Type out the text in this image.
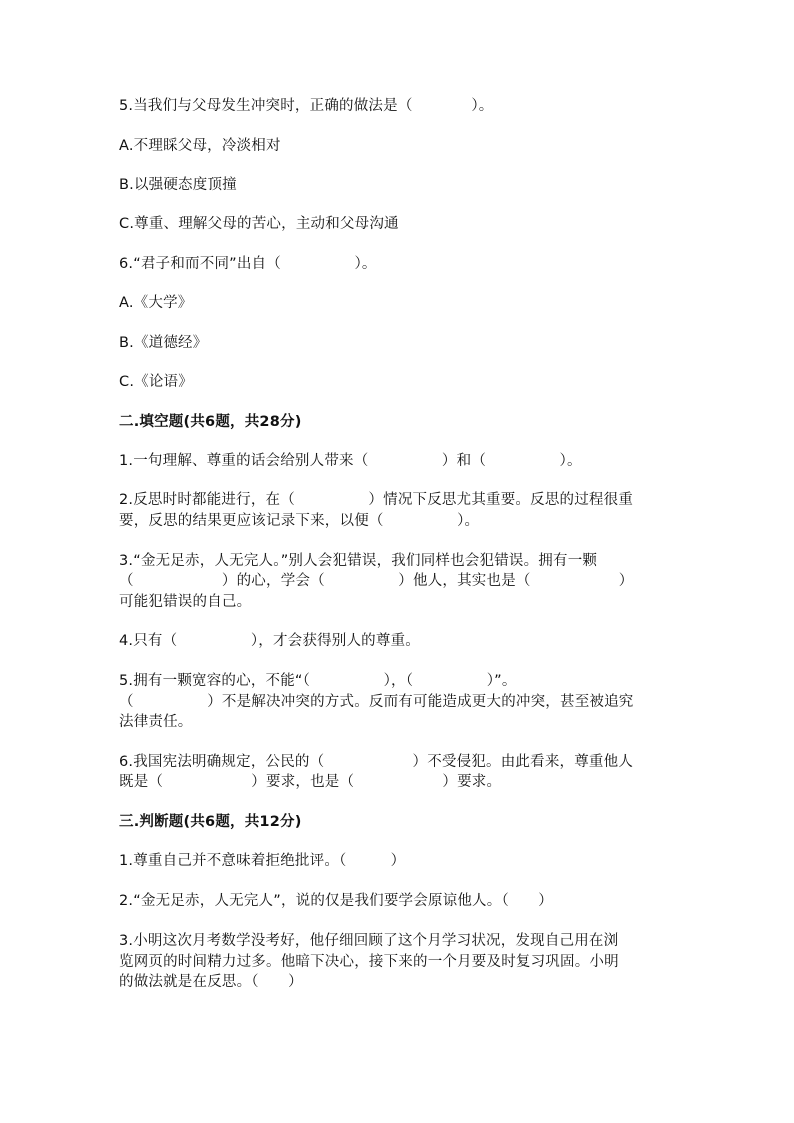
5.当我们与父母发生冲突时，正确的做法是（　　　　）。
A.不理睬父母，冷淡相对
B.以强硬态度顶撞
C.尊重、理解父母的苦心，主动和父母沟通
6.“君子和而不同”出自（　　　　　）。
A.《大学》
B.《道德经》
C.《论语》
二.填空题(共6题，共28分)
1.一句理解、尊重的话会给别人带来（　　　　　）和（　　　　　）。
2.反思时时都能进行，在（　　　　　）情况下反思尤其重要。反思的过程很重
要，反思的结果更应该记录下来，以便（　　　　　）。
3.“金无足赤，人无完人。”别人会犯错误，我们同样也会犯错误。拥有一颗
（　　　　　　）的心，学会（　　　　　）他人，其实也是（　　　　　　）
可能犯错误的自己。
4.只有（　　　　　），才会获得别人的尊重。
5.拥有一颗宽容的心，不能“（　　　　　），（　　　　　）”。
（　　　　　）不是解决冲突的方式。反而有可能造成更大的冲突，甚至被追究
法律责任。
6.我国宪法明确规定，公民的（　　　　　　）不受侵犯。由此看来，尊重他人
既是（　　　　　　）要求，也是（　　　　　　）要求。
三.判断题(共6题，共12分)
1.尊重自己并不意味着拒绝批评。（　　　）
2.“金无足赤，人无完人”，说的仅是我们要学会原谅他人。（　　）
3.小明这次月考数学没考好，他仔细回顾了这个月学习状况，发现自己用在浏
览网页的时间精力过多。他暗下决心，接下来的一个月要及时复习巩固。小明
的做法就是在反思。（　　）
